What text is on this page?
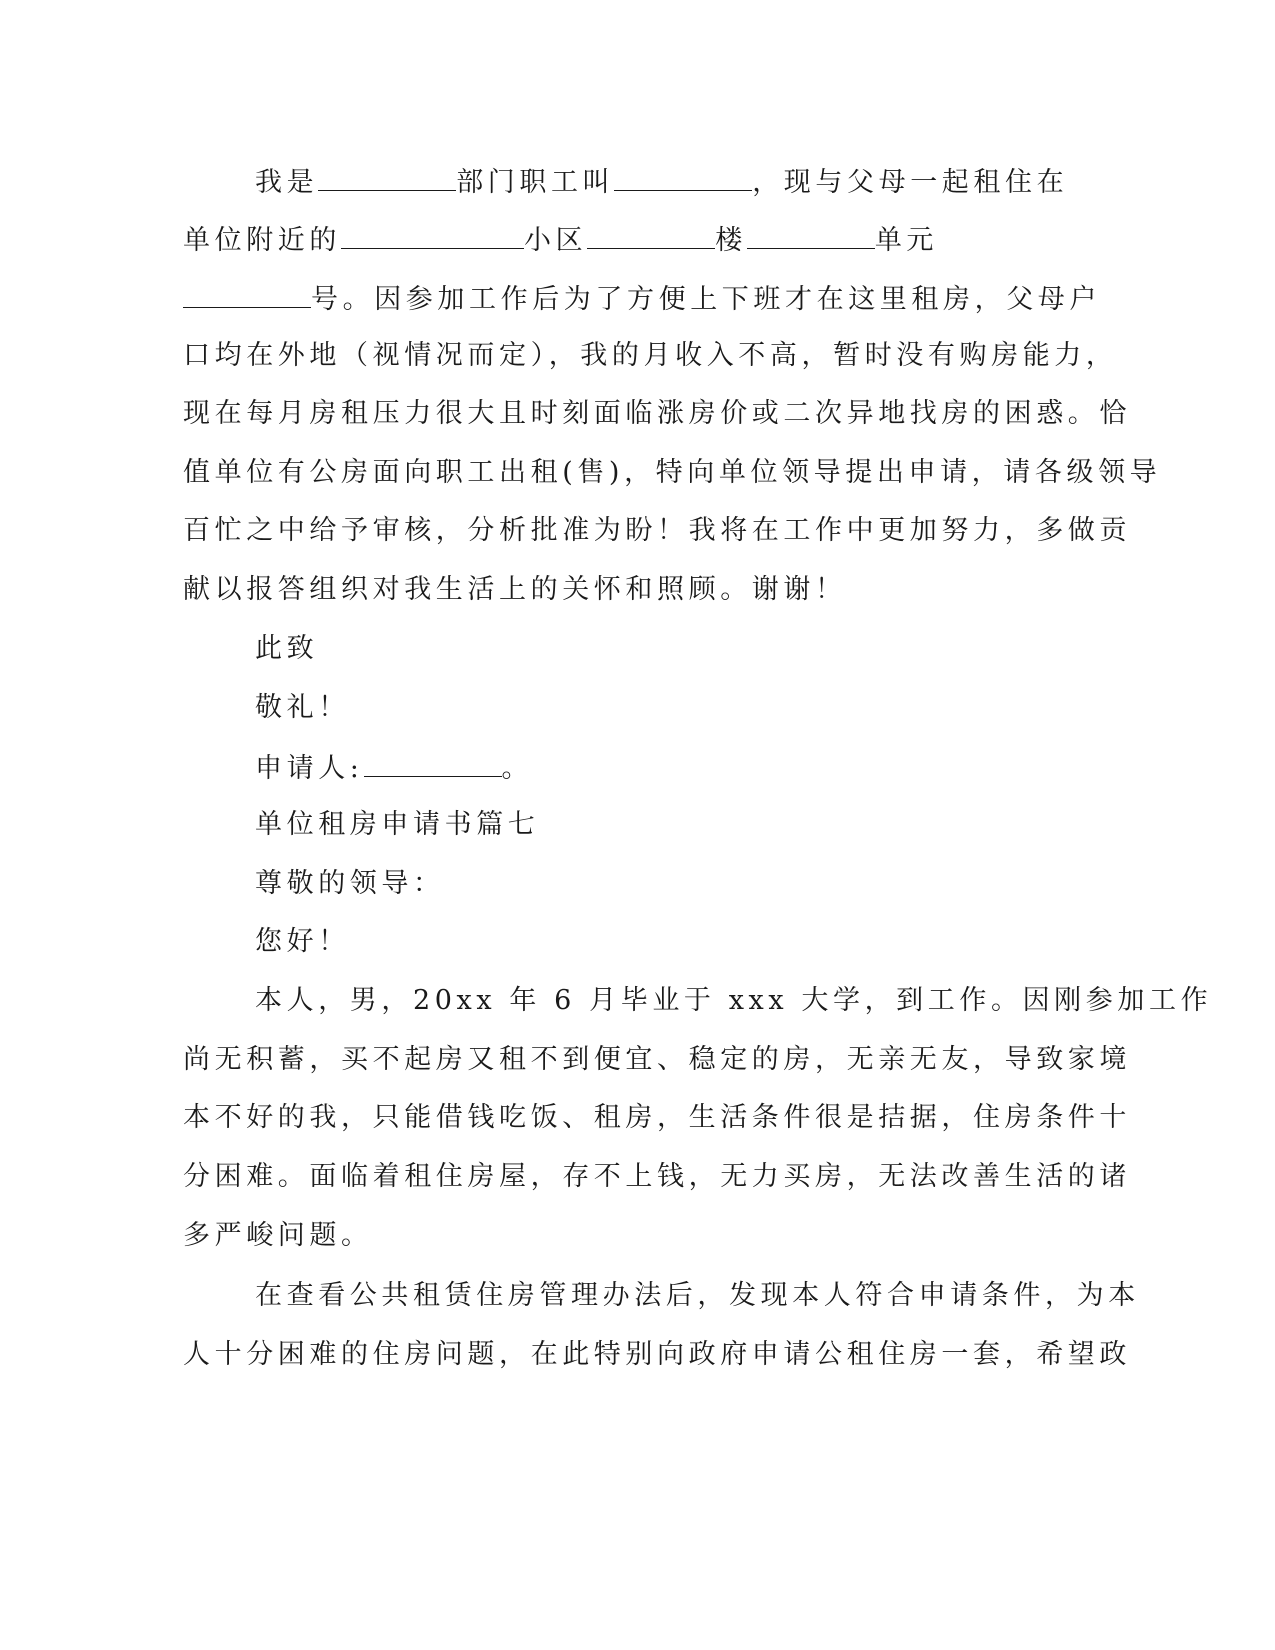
我是	部门职工叫	，现与父母一起租住在
单位附近的	小区	楼	单元
号。因参加工作后为了方便上下班才在这里租房，父母户
口均在外地（视情况而定），我的月收入不高，暂时没有购房能力，
现在每月房租压力很大且时刻面临涨房价或二次异地找房的困惑。恰
值单位有公房面向职工出租(售)，特向单位领导提出申请，请各级领导
百忙之中给予审核，分析批准为盼！我将在工作中更加努力，多做贡
献以报答组织对我生活上的关怀和照顾。谢谢！
此致
敬礼！
申请人:	。
单位租房申请书篇七
尊敬的领导：
您好！
本人，男，20xx 年 6 月毕业于 xxx 大学，到工作。因刚参加工作
尚无积蓄，买不起房又租不到便宜、稳定的房，无亲无友，导致家境
本不好的我，只能借钱吃饭、租房，生活条件很是拮据，住房条件十
分困难。面临着租住房屋，存不上钱，无力买房，无法改善生活的诸
多严峻问题。
在查看公共租赁住房管理办法后，发现本人符合申请条件，为本
人十分困难的住房问题，在此特别向政府申请公租住房一套，希望政
